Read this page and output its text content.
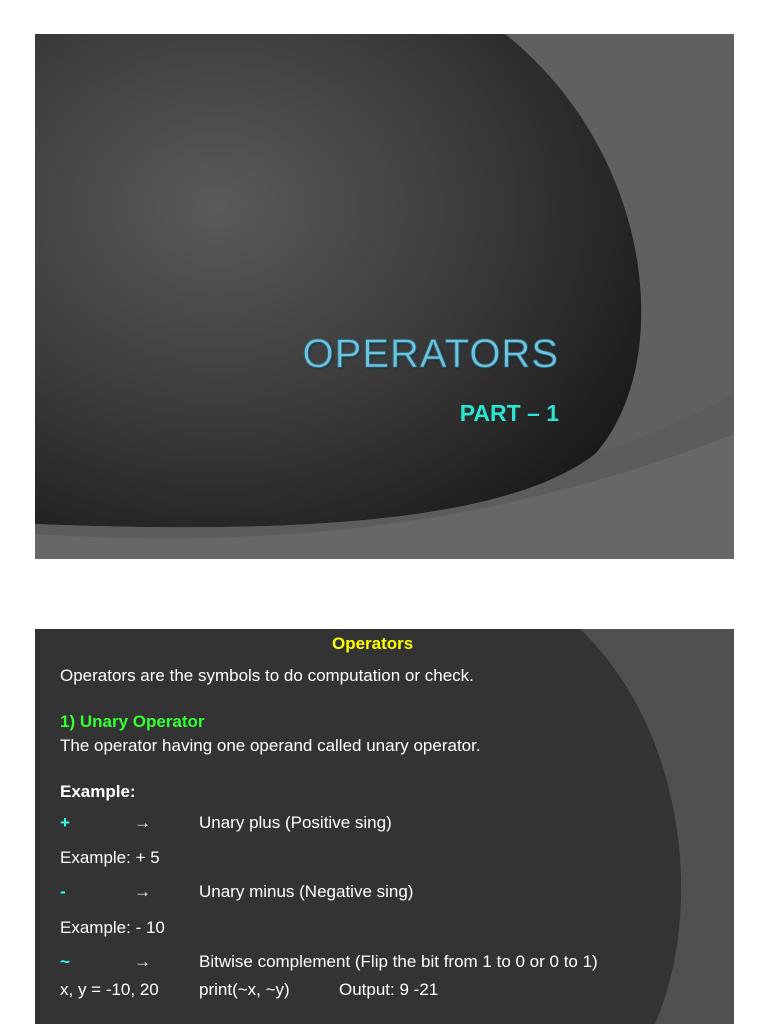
OPERATORS
PART – 1
Operators
Operators are the symbols to do computation or check.
1) Unary Operator
The operator having one operand called unary operator.
Example:
+	→	Unary plus (Positive sing)
Example: + 5
-	→	Unary minus (Negative sing)
Example: - 10
~	→	Bitwise complement (Flip the bit from 1 to 0 or 0 to 1)
x, y = -10, 20 print(~x, ~y)	Output: 9 -21
